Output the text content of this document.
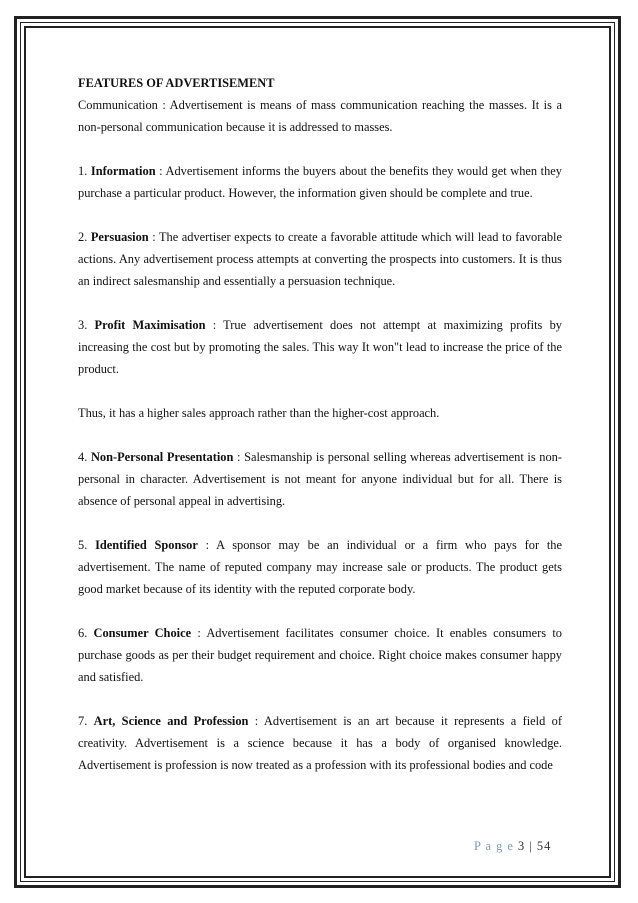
FEATURES OF ADVERTISEMENT

Communication : Advertisement is means of mass communication reaching the masses. It is a non-personal communication because it is addressed to masses.

1. Information : Advertisement informs the buyers about the benefits they would get when they purchase a particular product. However, the information given should be complete and true.

2. Persuasion : The advertiser expects to create a favorable attitude which will lead to favorable actions. Any advertisement process attempts at converting the prospects into customers. It is thus an indirect salesmanship and essentially a persuasion technique.

3. Profit Maximisation : True advertisement does not attempt at maximizing profits by increasing the cost but by promoting the sales. This way It won"t lead to increase the price of the product.

Thus, it has a higher sales approach rather than the higher-cost approach.

4. Non-Personal Presentation : Salesmanship is personal selling whereas advertisement is non-personal in character. Advertisement is not meant for anyone individual but for all. There is absence of personal appeal in advertising.

5. Identified Sponsor : A sponsor may be an individual or a firm who pays for the advertisement. The name of reputed company may increase sale or products. The product gets good market because of its identity with the reputed corporate body.

6. Consumer Choice : Advertisement facilitates consumer choice. It enables consumers to purchase goods as per their budget requirement and choice. Right choice makes consumer happy and satisfied.

7. Art, Science and Profession : Advertisement is an art because it represents a field of creativity. Advertisement is a science because it has a body of organised knowledge. Advertisement is profession is now treated as a profession with its professional bodies and code

P a g e 3 | 54
